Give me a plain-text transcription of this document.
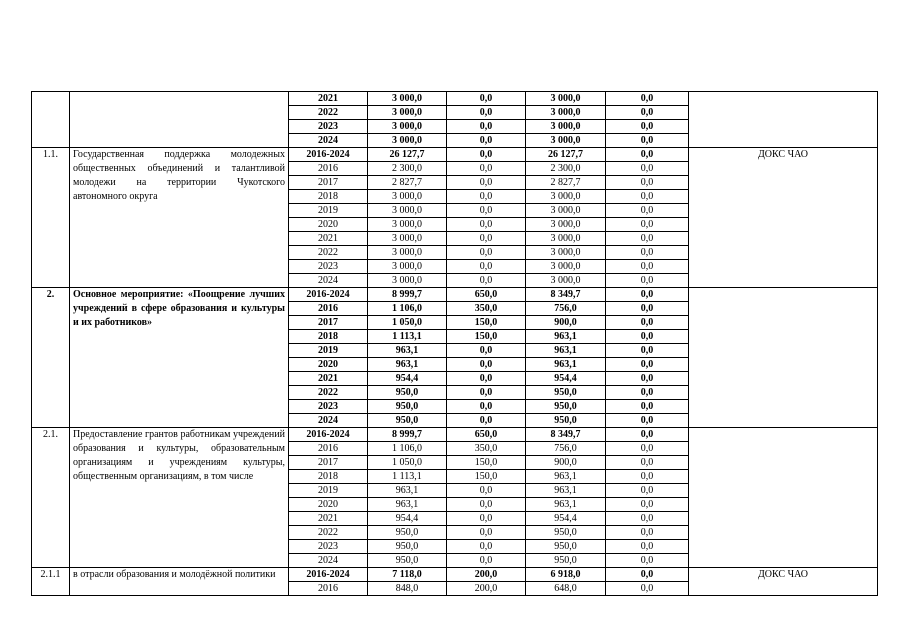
		2021	3 000,0	0,0	3 000,0	0,0	
		2022	3 000,0	0,0	3 000,0	0,0	
		2023	3 000,0	0,0	3 000,0	0,0	
		2024	3 000,0	0,0	3 000,0	0,0	
1.1.	Государственная поддержка молодежных общественных объединений и талантливой молодежи на территории Чукотского автономного округа	2016-2024	26 127,7	0,0	26 127,7	0,0	ДОКС ЧАО
		2016	2 300,0	0,0	2 300,0	0,0	
		2017	2 827,7	0,0	2 827,7	0,0	
		2018	3 000,0	0,0	3 000,0	0,0	
		2019	3 000,0	0,0	3 000,0	0,0	
		2020	3 000,0	0,0	3 000,0	0,0	
		2021	3 000,0	0,0	3 000,0	0,0	
		2022	3 000,0	0,0	3 000,0	0,0	
		2023	3 000,0	0,0	3 000,0	0,0	
		2024	3 000,0	0,0	3 000,0	0,0	
2.	Основное мероприятие: «Поощрение лучших учреждений в сфере образования и культуры и их работников»	2016-2024	8 999,7	650,0	8 349,7	0,0	
		2016	1 106,0	350,0	756,0	0,0	
		2017	1 050,0	150,0	900,0	0,0	
		2018	1 113,1	150,0	963,1	0,0	
		2019	963,1	0,0	963,1	0,0	
		2020	963,1	0,0	963,1	0,0	
		2021	954,4	0,0	954,4	0,0	
		2022	950,0	0,0	950,0	0,0	
		2023	950,0	0,0	950,0	0,0	
		2024	950,0	0,0	950,0	0,0	
2.1.	Предоставление грантов работникам учреждений образования и культуры, образовательным организациям и учреждениям культуры, общественным организациям, в том числе	2016-2024	8 999,7	650,0	8 349,7	0,0	
		2016	1 106,0	350,0	756,0	0,0	
		2017	1 050,0	150,0	900,0	0,0	
		2018	1 113,1	150,0	963,1	0,0	
		2019	963,1	0,0	963,1	0,0	
		2020	963,1	0,0	963,1	0,0	
		2021	954,4	0,0	954,4	0,0	
		2022	950,0	0,0	950,0	0,0	
		2023	950,0	0,0	950,0	0,0	
		2024	950,0	0,0	950,0	0,0	
2.1.1	в отрасли образования и молодёжной политики	2016-2024	7 118,0	200,0	6 918,0	0,0	ДОКС ЧАО
		2016	848,0	200,0	648,0	0,0	
